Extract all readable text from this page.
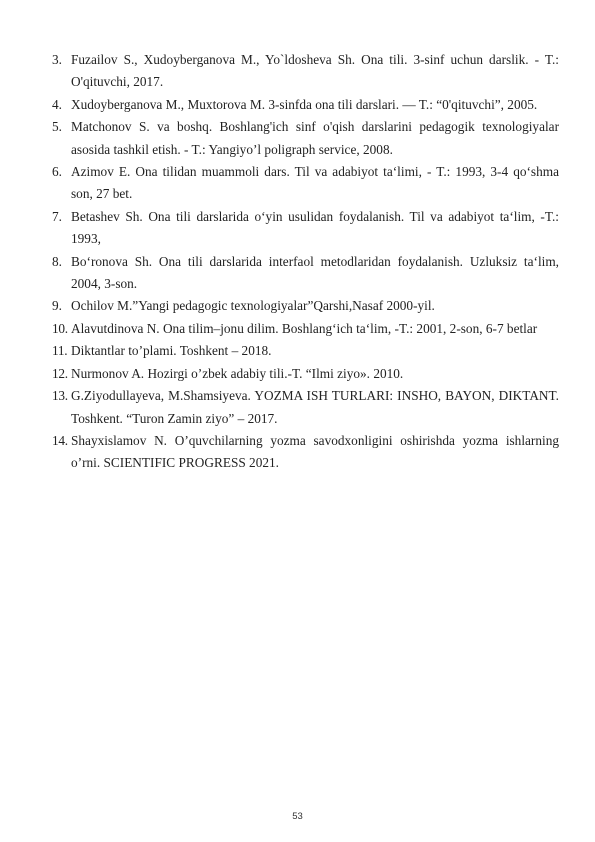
3. Fuzailov S., Xudoyberganova M., Yo`ldosheva Sh. Ona tili. 3-sinf uchun darslik. - T.: O'qituvchi, 2017.
4. Xudoyberganova M., Muxtorova M. 3-sinfda ona tili darslari. — T.: “0'qituvchi”, 2005.
5. Matchonov S. va boshq. Boshlang'ich sinf o'qish darslarini pedagogik texnologiyalar asosida tashkil etish. - T.: Yangiyo’l poligraph service, 2008.
6. Azimov E. Ona tilidan muammoli dars. Til va adabiyot ta‘limi, - T.: 1993, 3-4 qo‘shma son, 27 bet.
7. Betashev Sh. Ona tili darslarida o‘yin usulidan foydalanish. Til va adabiyot ta‘lim, -T.: 1993,
8. Bo‘ronova Sh. Ona tili darslarida interfaol metodlaridan foydalanish. Uzluksiz ta‘lim, 2004, 3-son.
9. Ochilov M.”Yangi pedagogic texnologiyalar”Qarshi,Nasaf 2000-yil.
10. Alavutdinova N. Ona tilim–jonu dilim. Boshlang‘ich ta‘lim, -T.: 2001, 2-son, 6-7 betlar
11. Diktantlar to’plami. Toshkent – 2018.
12. Nurmonov A. Hozirgi o’zbek adabiy tili.-T. “Ilmi ziyo». 2010.
13. G.Ziyodullayeva, M.Shamsiyeva. YOZMA ISH TURLARI: INSHO, BAYON, DIKTANT. Toshkent. “Turon Zamin ziyo” – 2017.
14. Shayxislamov N. O’quvchilarning yozma savodxonligini oshirishda yozma ishlarning o’rni. SCIENTIFIC PROGRESS 2021.
53
